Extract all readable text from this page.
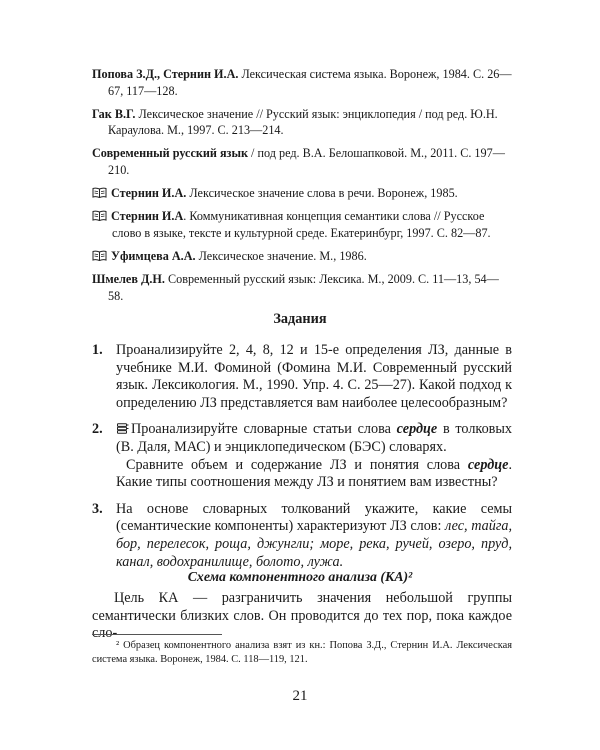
Попова З.Д., Стернин И.А. Лексическая система языка. Воронеж, 1984. С. 26—67, 117—128.

Гак В.Г. Лексическое значение // Русский язык: энциклопедия / под ред. Ю.Н. Караулова. М., 1997. С. 213—214.

Современный русский язык / под ред. В.А. Белошапковой. М., 2011. С. 197—210.

Стернин И.А. Лексическое значение слова в речи. Воронеж, 1985.

Стернин И.А. Коммуникативная концепция семантики слова // Русское слово в языке, тексте и культурной среде. Екатеринбург, 1997. С. 82—87.

Уфимцева А.А. Лексическое значение. М., 1986.

Шмелев Д.Н. Современный русский язык: Лексика. М., 2009. С. 11—13, 54—58.

Задания
1. Проанализируйте 2, 4, 8, 12 и 15-е определения ЛЗ, данные в учебнике М.И. Фоминой (Фомина М.И. Современный русский язык. Лексикология. М., 1990. Упр. 4. С. 25—27). Какой подход к определению ЛЗ представляется вам наиболее целесообразным?
2.	Проанализируйте словарные статьи слова сердце в толковых (В. Даля, МАС) и энциклопедическом (БЭС) словарях.
Сравните объем и содержание ЛЗ и понятия слова сердце. Какие типы соотношения между ЛЗ и понятием вам известны?
3. На основе словарных толкований укажите, какие семы (семантические компоненты) характеризуют ЛЗ слов: лес, тайга, бор, перелесок, роща, джунгли; море, река, ручей, озеро, пруд, канал, водохранилище, болото, лужа.
Схема компонентного анализа (КА)²
Цель КА — разграничить значения небольшой группы семантически близких слов. Он проводится до тех пор, пока каждое сло-
² Образец компонентного анализа взят из кн.: Попова З.Д., Стернин И.А. Лексическая система языка. Воронеж, 1984. С. 118—119, 121.
21
